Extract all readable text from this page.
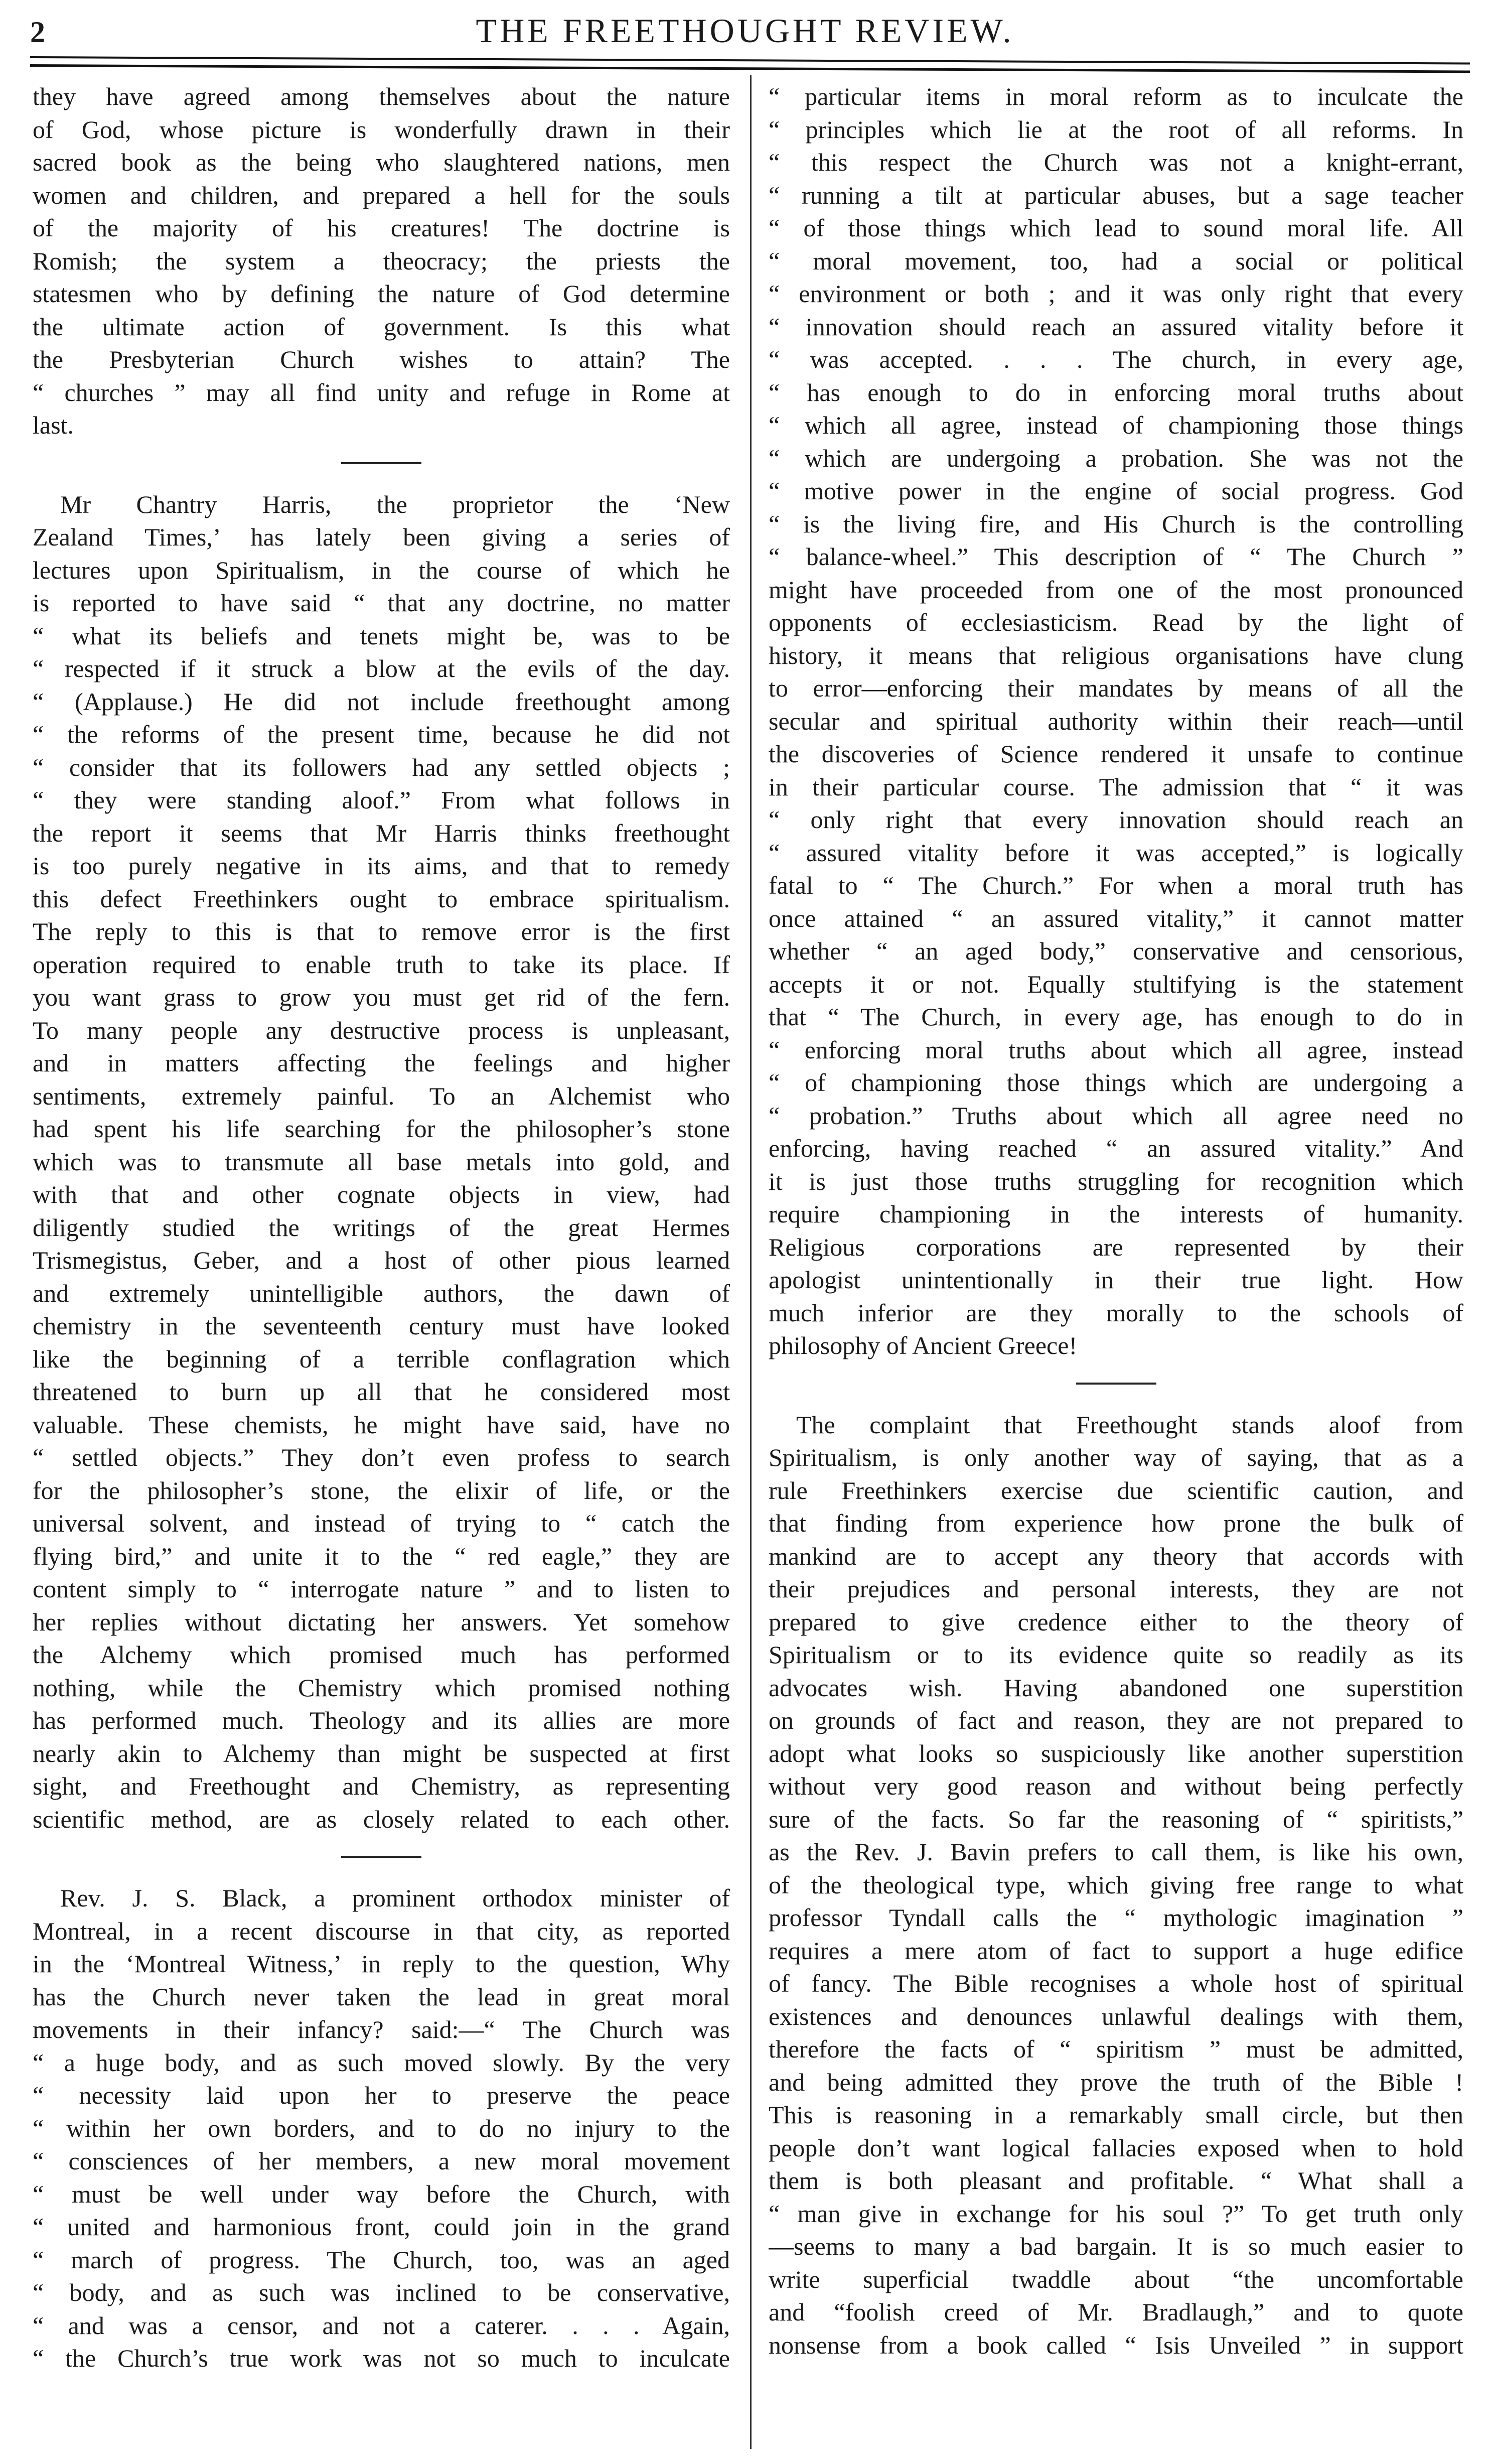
2	THE FREETHOUGHT REVIEW.
they have agreed among themselves about the nature
of God, whose picture is wonderfully drawn in their
sacred book as the being who slaughtered nations, men
women and children, and prepared a hell for the souls
of the majority of his creatures! The doctrine is
Romish; the system a theocracy; the priests the
statesmen who by defining the nature of God determine
the ultimate action of government. Is this what
the Presbyterian Church wishes to attain? The
“ churches ” may all find unity and refuge in Rome at
last.
Mr Chantry Harris, the proprietor the ‘New
Zealand Times,’ has lately been giving a series of
lectures upon Spiritualism, in the course of which he
is reported to have said “ that any doctrine, no matter
“ what its beliefs and tenets might be, was to be
“ respected if it struck a blow at the evils of the day.
“ (Applause.) He did not include freethought among
“ the reforms of the present time, because he did not
“ consider that its followers had any settled objects ;
“ they were standing aloof.” From what follows in
the report it seems that Mr Harris thinks freethought
is too purely negative in its aims, and that to remedy
this defect Freethinkers ought to embrace spiritualism.
The reply to this is that to remove error is the first
operation required to enable truth to take its place. If
you want grass to grow you must get rid of the fern.
To many people any destructive process is unpleasant,
and in matters affecting the feelings and higher
sentiments, extremely painful. To an Alchemist who
had spent his life searching for the philosopher’s stone
which was to transmute all base metals into gold, and
with that and other cognate objects in view, had
diligently studied the writings of the great Hermes
Trismegistus, Geber, and a host of other pious learned
and extremely unintelligible authors, the dawn of
chemistry in the seventeenth century must have looked
like the beginning of a terrible conflagration which
threatened to burn up all that he considered most
valuable. These chemists, he might have said, have no
“ settled objects.” They don’t even profess to search
for the philosopher’s stone, the elixir of life, or the
universal solvent, and instead of trying to “ catch the
flying bird,” and unite it to the “ red eagle,” they are
content simply to “ interrogate nature ” and to listen to
her replies without dictating her answers. Yet somehow
the Alchemy which promised much has performed
nothing, while the Chemistry which promised nothing
has performed much. Theology and its allies are more
nearly akin to Alchemy than might be suspected at first
sight, and Freethought and Chemistry, as representing
scientific method, are as closely related to each other.
Rev. J. S. Black, a prominent orthodox minister of
Montreal, in a recent discourse in that city, as reported
in the ‘Montreal Witness,’ in reply to the question, Why
has the Church never taken the lead in great moral
movements in their infancy? said:—“ The Church was
“ a huge body, and as such moved slowly. By the very
“ necessity laid upon her to preserve the peace
“ within her own borders, and to do no injury to the
“ consciences of her members, a new moral movement
“ must be well under way before the Church, with
“ united and harmonious front, could join in the grand
“ march of progress. The Church, too, was an aged
“ body, and as such was inclined to be conservative,
“ and was a censor, and not a caterer. . . . Again,
“ the Church’s true work was not so much to inculcate
“ particular items in moral reform as to inculcate the
“ principles which lie at the root of all reforms. In
“ this respect the Church was not a knight-errant,
“ running a tilt at particular abuses, but a sage teacher
“ of those things which lead to sound moral life. All
“ moral movement, too, had a social or political
“ environment or both ; and it was only right that every
“ innovation should reach an assured vitality before it
“ was accepted. . . . The church, in every age,
“ has enough to do in enforcing moral truths about
“ which all agree, instead of championing those things
“ which are undergoing a probation. She was not the
“ motive power in the engine of social progress. God
“ is the living fire, and His Church is the controlling
“ balance-wheel.” This description of “ The Church ”
might have proceeded from one of the most pronounced
opponents of ecclesiasticism. Read by the light of
history, it means that religious organisations have clung
to error—enforcing their mandates by means of all the
secular and spiritual authority within their reach—until
the discoveries of Science rendered it unsafe to continue
in their particular course. The admission that “ it was
“ only right that every innovation should reach an
“ assured vitality before it was accepted,” is logically
fatal to “ The Church.” For when a moral truth has
once attained “ an assured vitality,” it cannot matter
whether “ an aged body,” conservative and censorious,
accepts it or not. Equally stultifying is the statement
that “ The Church, in every age, has enough to do in
“ enforcing moral truths about which all agree, instead
“ of championing those things which are undergoing a
“ probation.” Truths about which all agree need no
enforcing, having reached “ an assured vitality.” And
it is just those truths struggling for recognition which
require championing in the interests of humanity.
Religious corporations are represented by their
apologist unintentionally in their true light. How
much inferior are they morally to the schools of
philosophy of Ancient Greece!
The complaint that Freethought stands aloof from
Spiritualism, is only another way of saying, that as a
rule Freethinkers exercise due scientific caution, and
that finding from experience how prone the bulk of
mankind are to accept any theory that accords with
their prejudices and personal interests, they are not
prepared to give credence either to the theory of
Spiritualism or to its evidence quite so readily as its
advocates wish. Having abandoned one superstition
on grounds of fact and reason, they are not prepared to
adopt what looks so suspiciously like another superstition
without very good reason and without being perfectly
sure of the facts. So far the reasoning of “ spiritists,”
as the Rev. J. Bavin prefers to call them, is like his own,
of the theological type, which giving free range to what
professor Tyndall calls the “ mythologic imagination ”
requires a mere atom of fact to support a huge edifice
of fancy. The Bible recognises a whole host of spiritual
existences and denounces unlawful dealings with them,
therefore the facts of “ spiritism ” must be admitted,
and being admitted they prove the truth of the Bible !
This is reasoning in a remarkably small circle, but then
people don’t want logical fallacies exposed when to hold
them is both pleasant and profitable. “ What shall a
“ man give in exchange for his soul ?” To get truth only
—seems to many a bad bargain. It is so much easier to
write superficial twaddle about “the uncomfortable
and “foolish creed of Mr. Bradlaugh,” and to quote
nonsense from a book called “ Isis Unveiled ” in support
